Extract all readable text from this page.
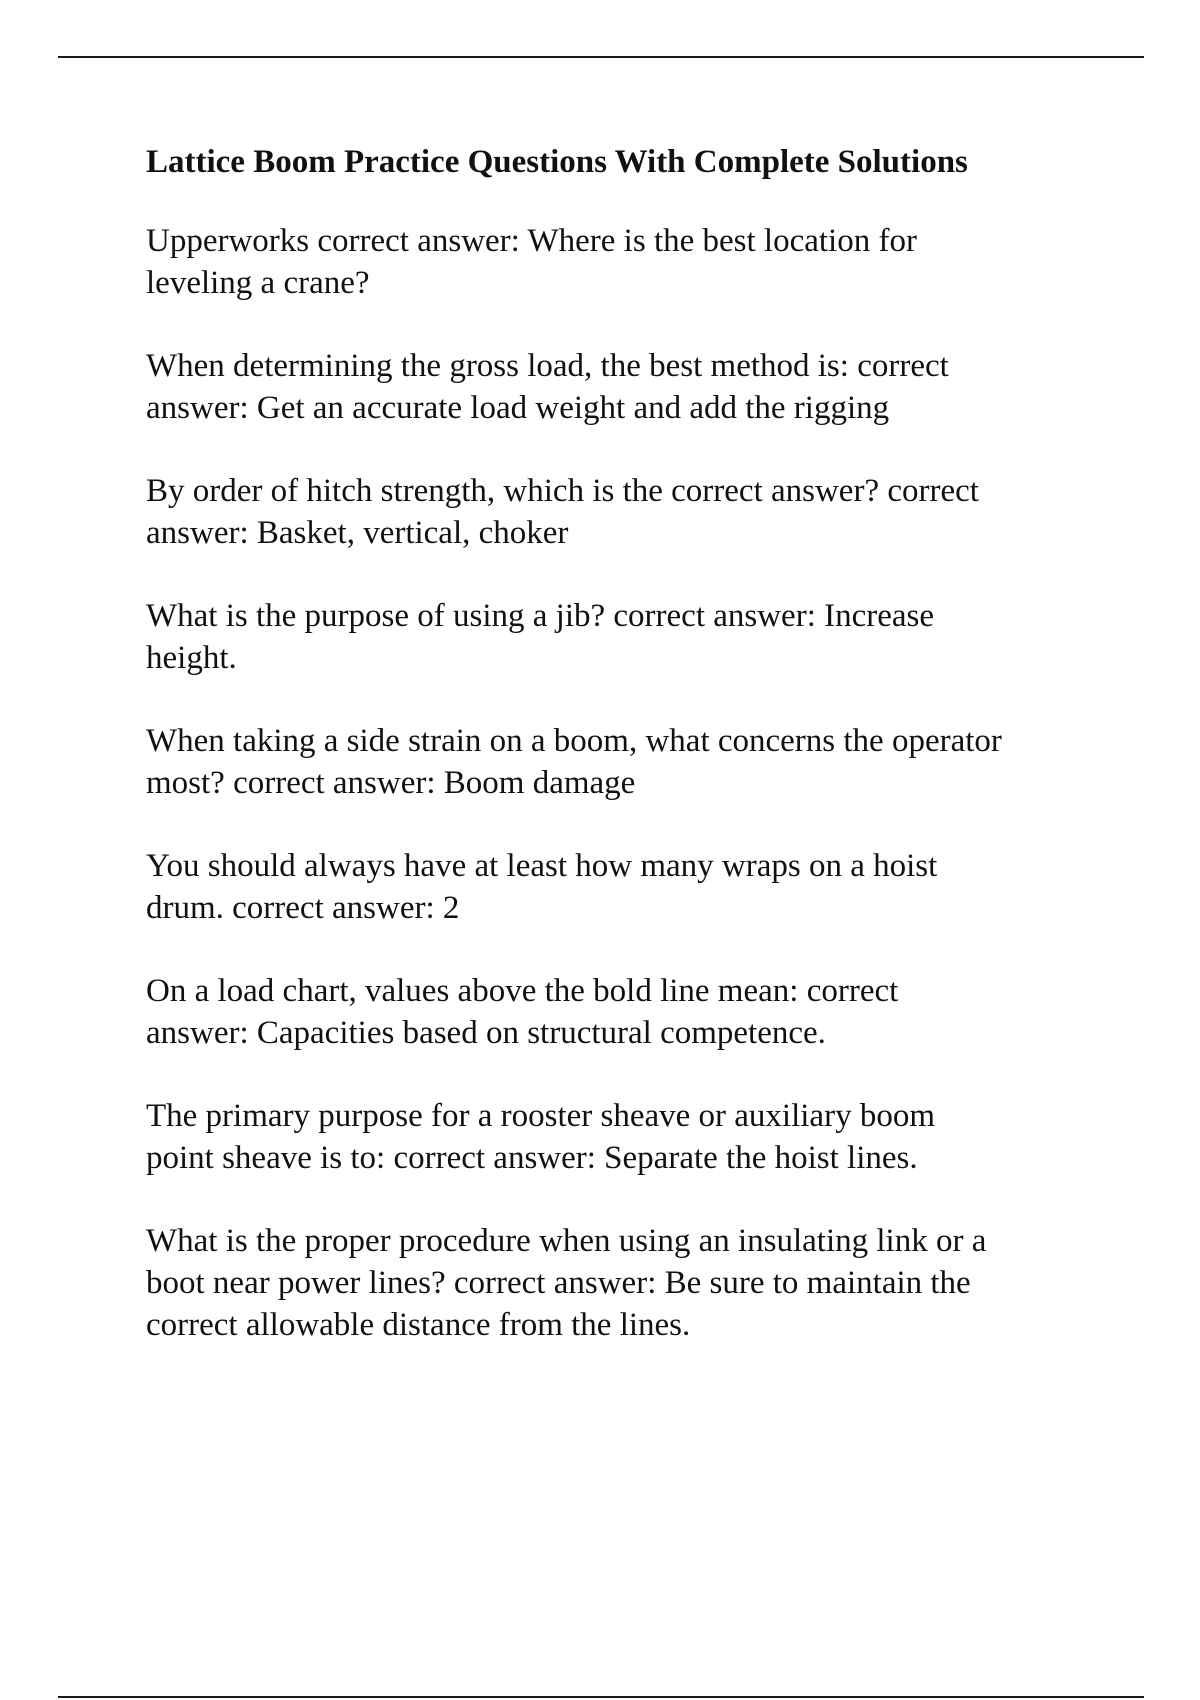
Lattice Boom Practice Questions With Complete Solutions

Upperworks correct answer: Where is the best location for
leveling a crane?

When determining the gross load, the best method is: correct
answer: Get an accurate load weight and add the rigging

By order of hitch strength, which is the correct answer? correct
answer: Basket, vertical, choker

What is the purpose of using a jib? correct answer: Increase
height.

When taking a side strain on a boom, what concerns the operator
most? correct answer: Boom damage

You should always have at least how many wraps on a hoist
drum. correct answer: 2

On a load chart, values above the bold line mean: correct
answer: Capacities based on structural competence.

The primary purpose for a rooster sheave or auxiliary boom
point sheave is to: correct answer: Separate the hoist lines.

What is the proper procedure when using an insulating link or a
boot near power lines? correct answer: Be sure to maintain the
correct allowable distance from the lines.
